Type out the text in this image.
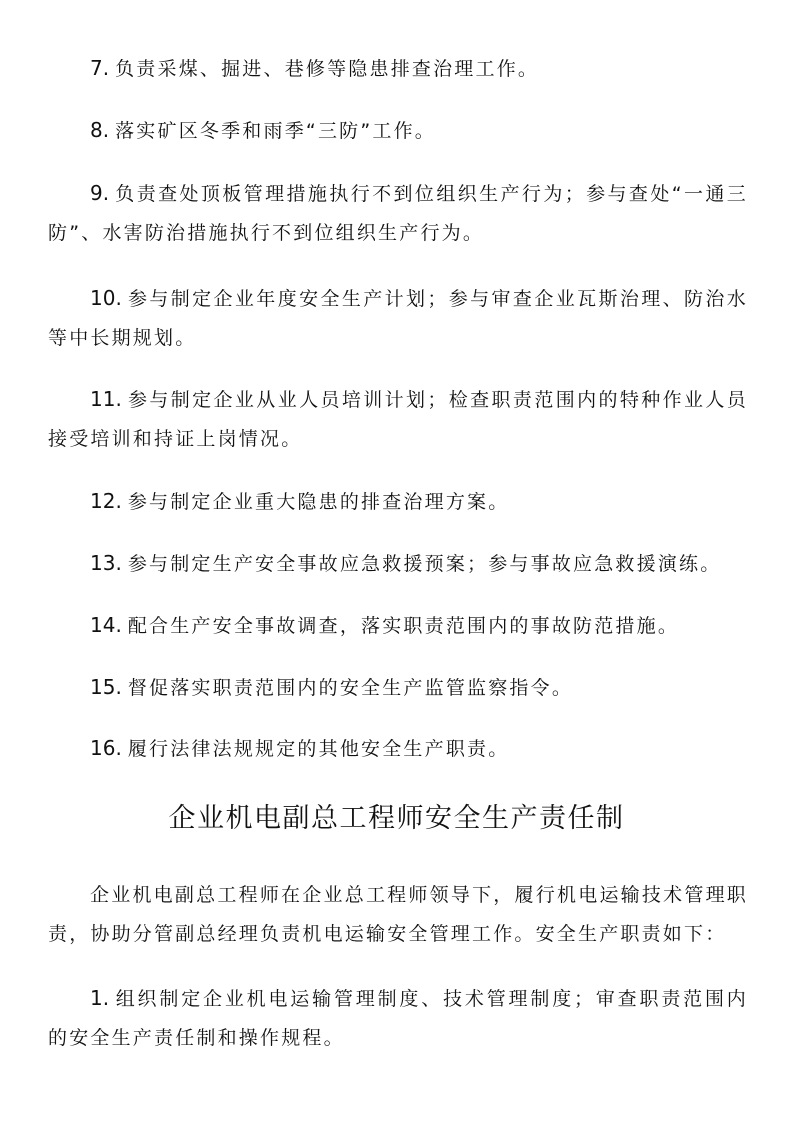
7. 负责采煤、掘进、巷修等隐患排查治理工作。

8. 落实矿区冬季和雨季“三防”工作。

9. 负责查处顶板管理措施执行不到位组织生产行为；参与查处“一通三防”、水害防治措施执行不到位组织生产行为。

10. 参与制定企业年度安全生产计划；参与审查企业瓦斯治理、防治水等中长期规划。

11. 参与制定企业从业人员培训计划；检查职责范围内的特种作业人员接受培训和持证上岗情况。

12. 参与制定企业重大隐患的排查治理方案。

13. 参与制定生产安全事故应急救援预案；参与事故应急救援演练。

14. 配合生产安全事故调查，落实职责范围内的事故防范措施。

15. 督促落实职责范围内的安全生产监管监察指令。

16. 履行法律法规规定的其他安全生产职责。

企业机电副总工程师安全生产责任制

企业机电副总工程师在企业总工程师领导下，履行机电运输技术管理职责，协助分管副总经理负责机电运输安全管理工作。安全生产职责如下：

1. 组织制定企业机电运输管理制度、技术管理制度；审查职责范围内的安全生产责任制和操作规程。
